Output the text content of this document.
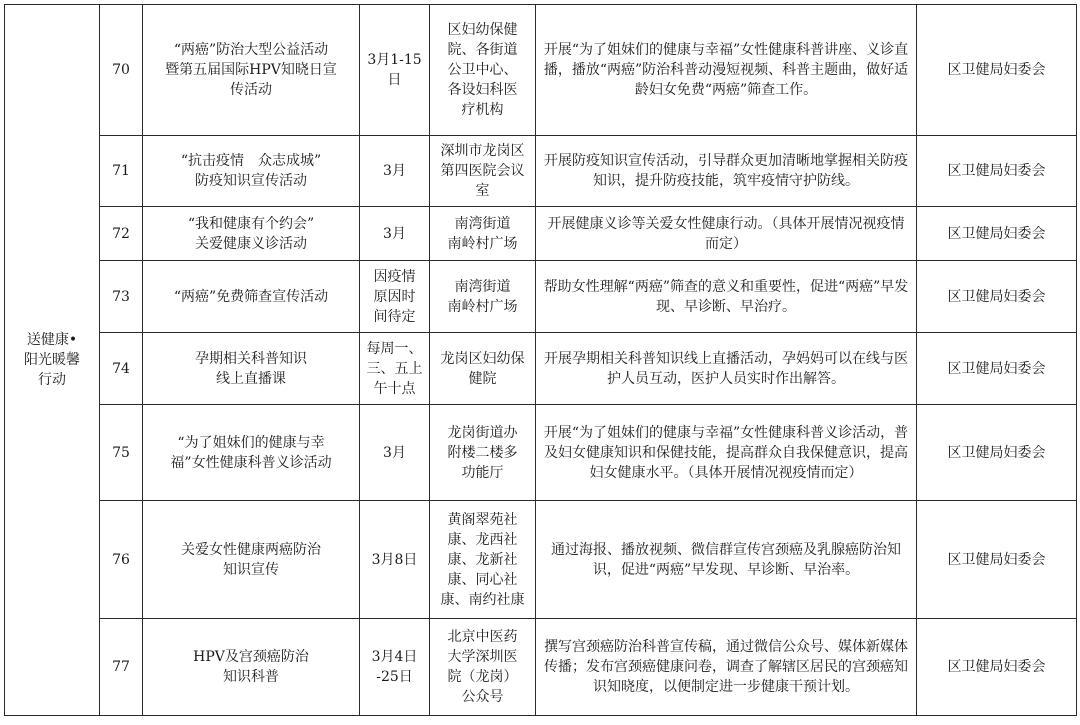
送健康•
阳光暖馨
行动	70	“两癌”防治大型公益活动
暨第五届国际HPV知晓日宣
传活动	3月1-15
日	区妇幼保健
院、各街道
公卫中心、
各设妇科医
疗机构	开展“为了姐妹们的健康与幸福”女性健康科普讲座、义诊直播，播放“两癌”防治科普动漫短视频、科普主题曲，做好适龄妇女免费“两癌”筛查工作。	区卫健局妇委会
	71	“抗击疫情　众志成城”
防疫知识宣传活动	3月	深圳市龙岗区
第四医院会议
室	开展防疫知识宣传活动，引导群众更加清晰地掌握相关防疫知识，提升防疫技能，筑牢疫情守护防线。	区卫健局妇委会
	72	“我和健康有个约会”
关爱健康义诊活动	3月	南湾街道
南岭村广场	开展健康义诊等关爱女性健康行动。（具体开展情况视疫情而定）	区卫健局妇委会
	73	“两癌”免费筛查宣传活动	因疫情
原因时
间待定	南湾街道
南岭村广场	帮助女性理解“两癌”筛查的意义和重要性，促进“两癌”早发现、早诊断、早治疗。	区卫健局妇委会
	74	孕期相关科普知识
线上直播课	每周一、
三、五上
午十点	龙岗区妇幼保
健院	开展孕期相关科普知识线上直播活动，孕妈妈可以在线与医护人员互动，医护人员实时作出解答。	区卫健局妇委会
	75	“为了姐妹们的健康与幸
福”女性健康科普义诊活动	3月	龙岗街道办
附楼二楼多
功能厅	开展“为了姐妹们的健康与幸福”女性健康科普义诊活动，普及妇女健康知识和保健技能，提高群众自我保健意识，提高妇女健康水平。（具体开展情况视疫情而定）	区卫健局妇委会
	76	关爱女性健康两癌防治
知识宣传	3月8日	黄阁翠苑社
康、龙西社
康、龙新社
康、同心社
康、南约社康	通过海报、播放视频、微信群宣传宫颈癌及乳腺癌防治知识，促进“两癌”早发现、早诊断、早治率。	区卫健局妇委会
	77	HPV及宫颈癌防治
知识科普	3月4日
-25日	北京中医药
大学深圳医
院（龙岗）
公众号	撰写宫颈癌防治科普宣传稿，通过微信公众号、媒体新媒体传播；发布宫颈癌健康问卷，调查了解辖区居民的宫颈癌知识知晓度，以便制定进一步健康干预计划。	区卫健局妇委会
